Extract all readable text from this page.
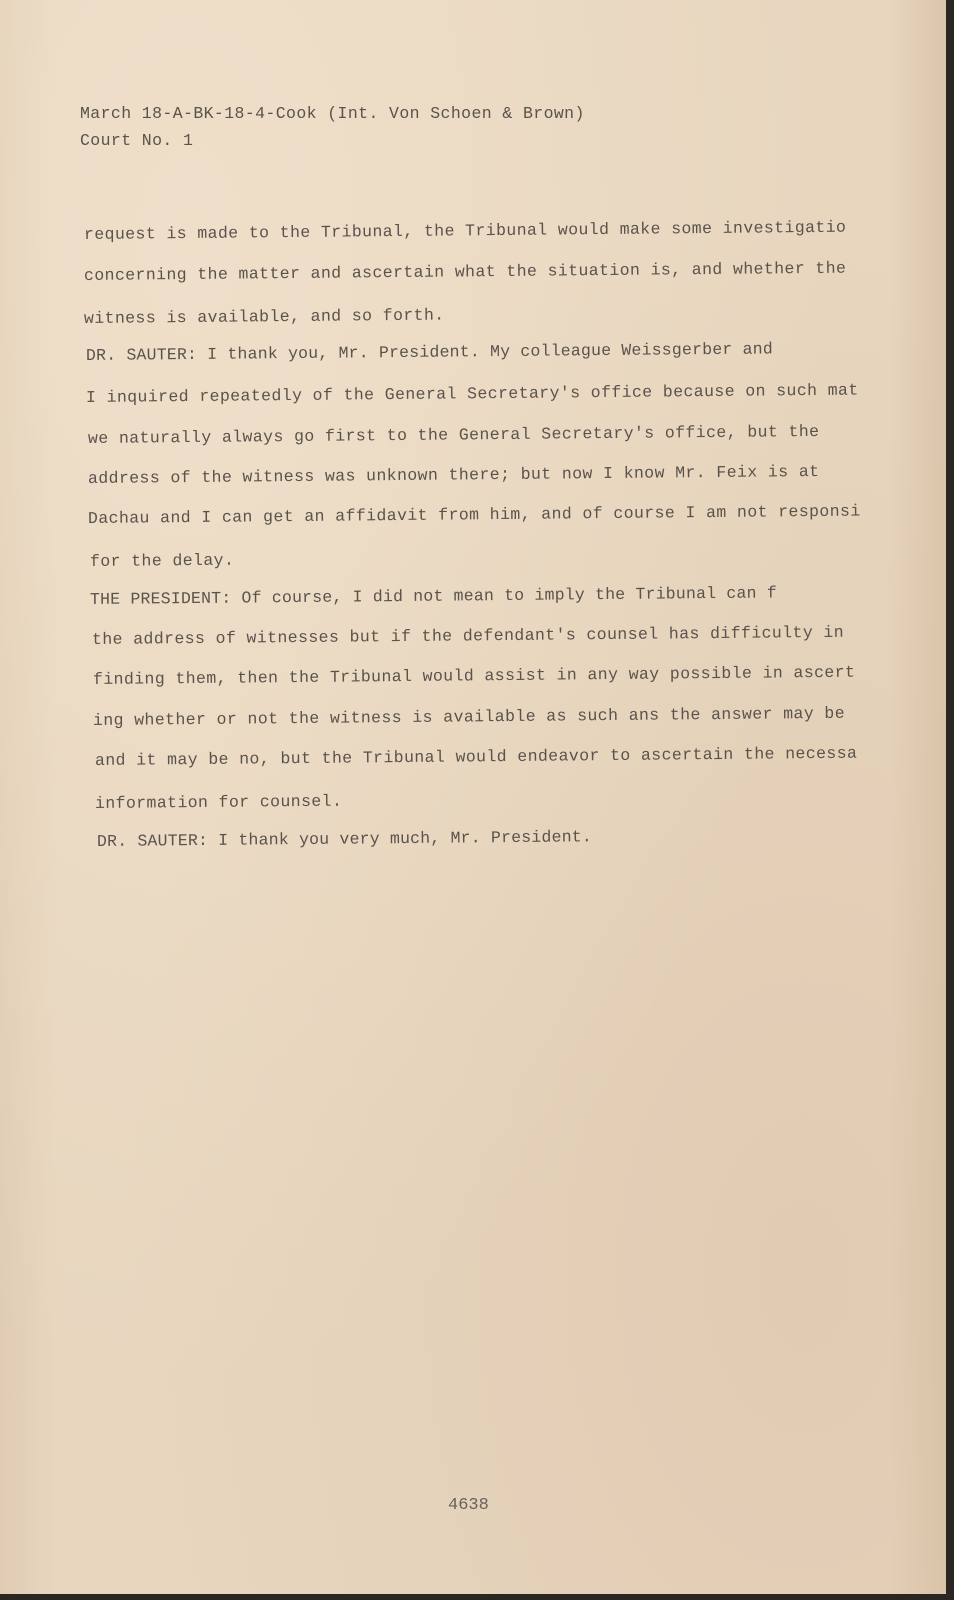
March 18-A-BK-18-4-Cook (Int. Von Schoen & Brown)
Court No. 1
request is made to the Tribunal, the Tribunal would make some investigatio
concerning the matter and ascertain what the situation is, and whether the
witness is available, and so forth.
DR. SAUTER: I thank you, Mr. President. My colleague Weissgerber and
I inquired repeatedly of the General Secretary's office because on such mat
we naturally always go first to the General Secretary's office, but the
address of the witness was unknown there; but now I know Mr. Feix is at
Dachau and I can get an affidavit from him, and of course I am not responsi
for the delay.
THE PRESIDENT: Of course, I did not mean to imply the Tribunal can f
the address of witnesses but if the defendant's counsel has difficulty in
finding them, then the Tribunal would assist in any way possible in ascert
ing whether or not the witness is available as such ans the answer may be
and it may be no, but the Tribunal would endeavor to ascertain the necessa
information for counsel.
DR. SAUTER: I thank you very much, Mr. President.
4638
